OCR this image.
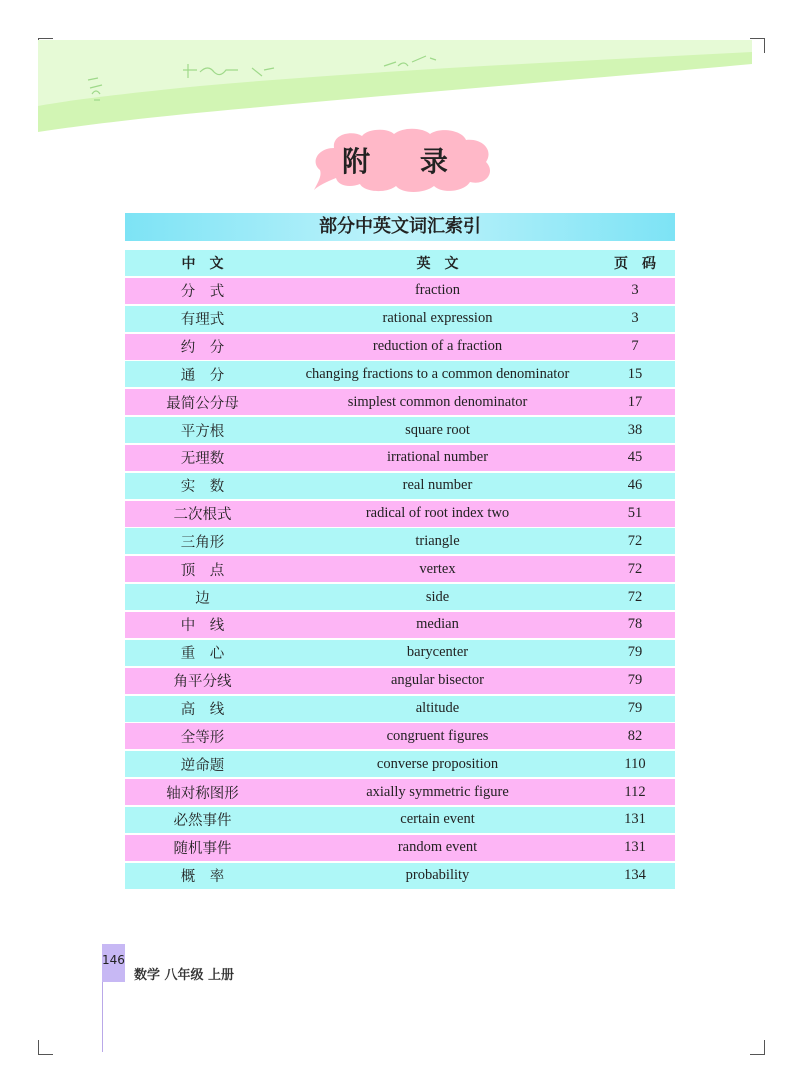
附 录
部分中英文词汇索引
中　文	英　文	页　码
分　式	fraction	3
有理式	rational expression	3
约　分	reduction of a fraction	7
通　分	changing fractions to a common denominator	15
最简公分母	simplest common denominator	17
平方根	square root	38
无理数	irrational number	45
实　数	real number	46
二次根式	radical of root index two	51
三角形	triangle	72
顶　点	vertex	72
边	side	72
中　线	median	78
重　心	barycenter	79
角平分线	angular bisector	79
高　线	altitude	79
全等形	congruent figures	82
逆命题	converse proposition	110
轴对称图形	axially symmetric figure	112
必然事件	certain event	131
随机事件	random event	131
概　率	probability	134
146
数学 八年级 上册
